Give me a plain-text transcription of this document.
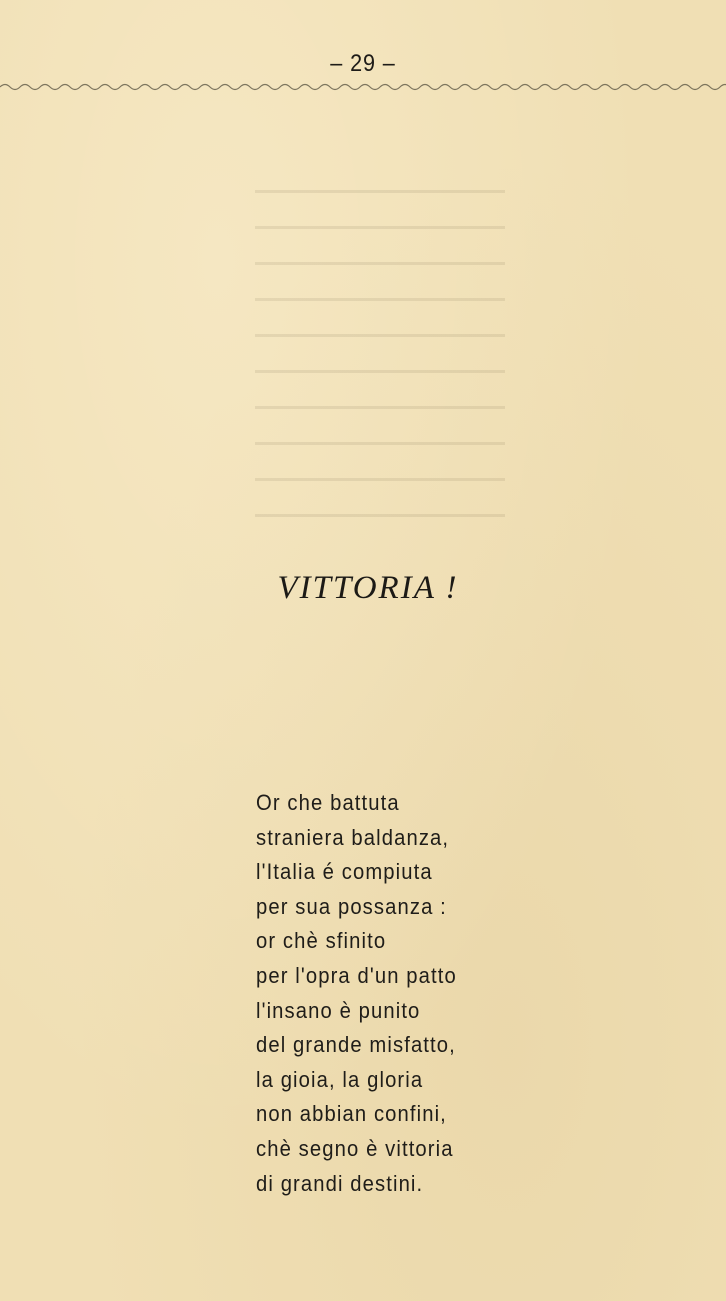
– 29 –
VITTORIA !
Or che battuta
straniera baldanza,
l'Italia é compiuta
per sua possanza :
or chè sfinito
per l'opra d'un patto
l'insano è punito
del grande misfatto,
la gioia, la gloria
non abbian confini,
chè segno è vittoria
di grandi destini.
